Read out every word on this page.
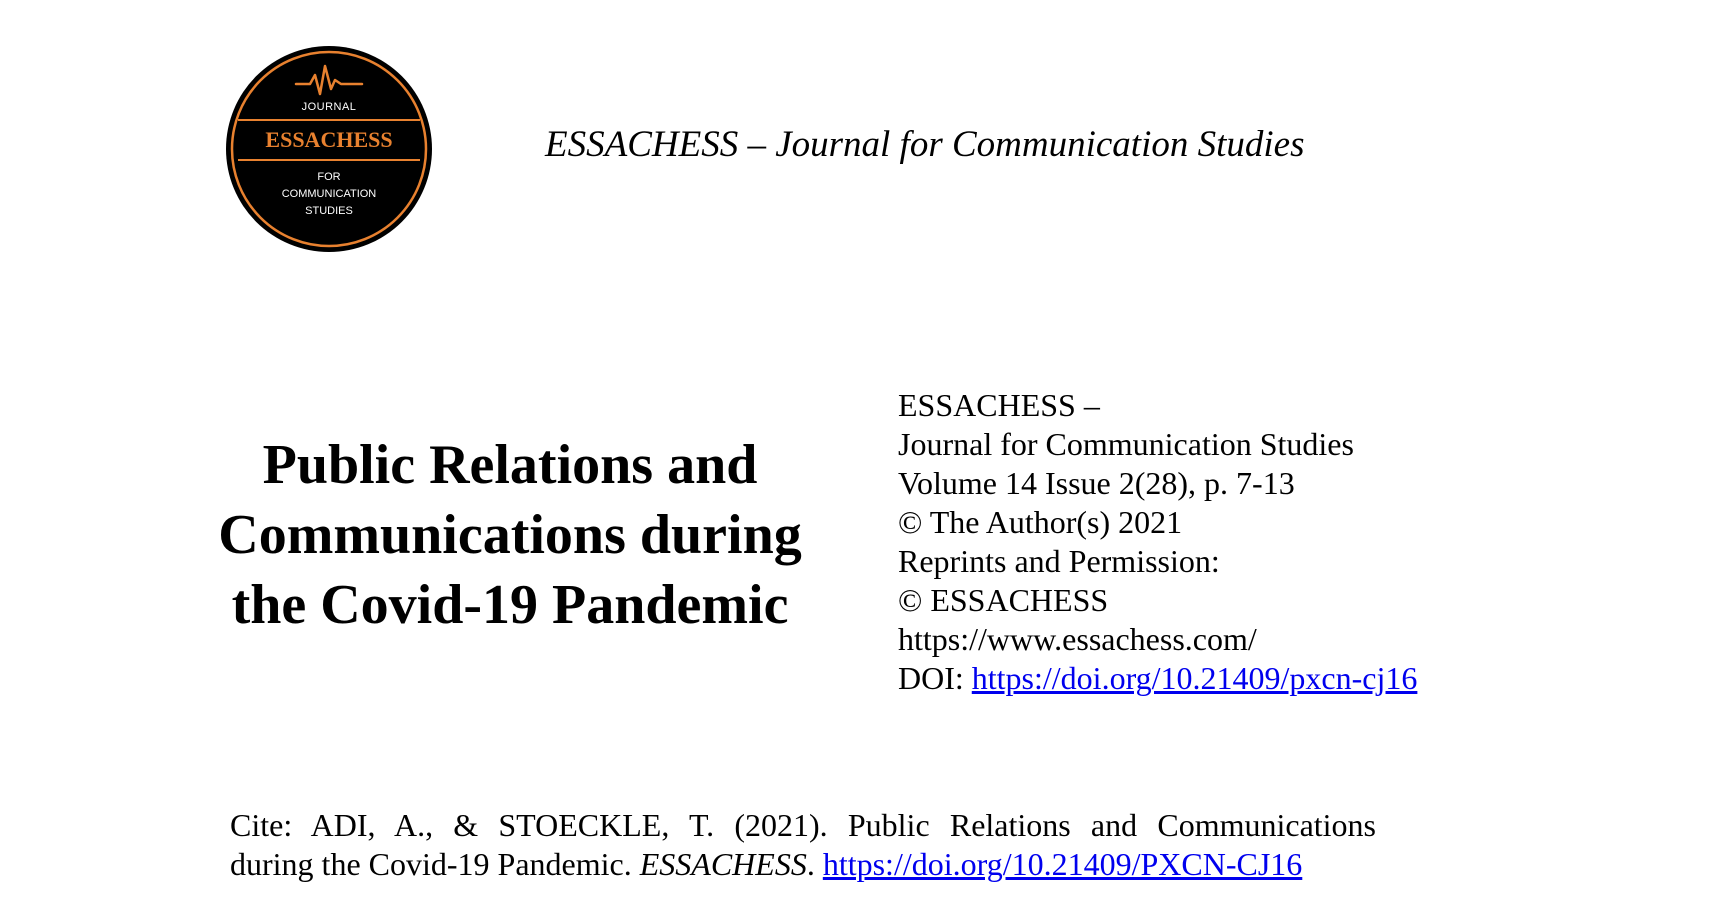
JOURNAL
ESSACHESS
FOR
COMMUNICATION
STUDIES
ESSACHESS – Journal for Communication Studies
Public Relations and
Communications during
the Covid-19 Pandemic
ESSACHESS –
Journal for Communication Studies
Volume 14 Issue 2(28), p. 7-13
© The Author(s) 2021
Reprints and Permission:
© ESSACHESS
https://www.essachess.com/
DOI: https://doi.org/10.21409/pxcn-cj16
Cite: ADI, A., & STOECKLE, T. (2021). Public Relations and Communications
during the Covid-19 Pandemic. ESSACHESS. https://doi.org/10.21409/PXCN-CJ16
